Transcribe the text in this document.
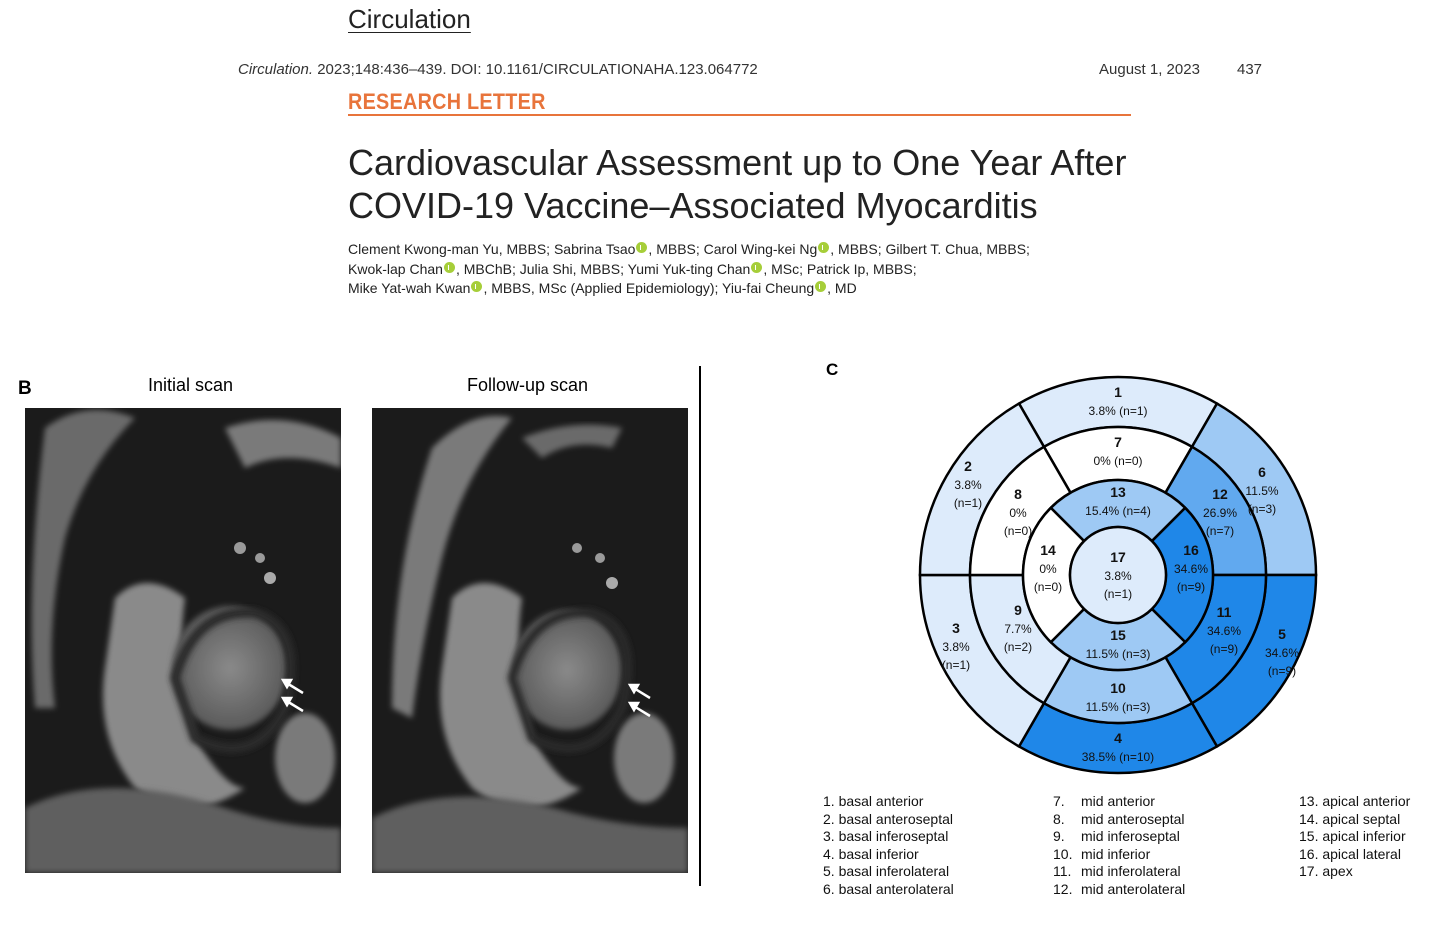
Circulation
Circulation. 2023;148:436–439. DOI: 10.1161/CIRCULATIONAHA.123.064772	August 1, 2023 437
RESEARCH LETTER
Cardiovascular Assessment up to One Year After
COVID-19 Vaccine–Associated Myocarditis
Clement Kwong-man Yu, MBBS; Sabrina Tsao , MBBS; Carol Wing-kei Ng , MBBS; Gilbert T. Chua, MBBS;
Kwok-lap Chan , MBChB; Julia Shi, MBBS; Yumi Yuk-ting Chan , MSc; Patrick Ip, MBBS;
Mike Yat-wah Kwan , MBBS, MSc (Applied Epidemiology); Yiu-fai Cheung , MD
B	Initial scan	Follow-up scan
C
1
3.8% (n=1)
2
3.8%
(n=1)
3
3.8%
(n=1)
4
38.5% (n=10)
5
34.6%
(n=9)
6
11.5%
(n=3)
7
0% (n=0)
8
0%
(n=0)
9
7.7%
(n=2)
10
11.5% (n=3)
11
34.6%
(n=9)
12
26.9%
(n=7)
13
15.4% (n=4)
14
0%
(n=0)
15
11.5% (n=3)
16
34.6%
(n=9)
17
3.8%
(n=1)
1. basal anterior
2. basal anteroseptal
3. basal inferoseptal
4. basal inferior
5. basal inferolateral
6. basal anterolateral
7. mid anterior
8. mid anteroseptal
9. mid inferoseptal
10. mid inferior
11. mid inferolateral
12. mid anterolateral
13. apical anterior
14. apical septal
15. apical inferior
16. apical lateral
17. apex
